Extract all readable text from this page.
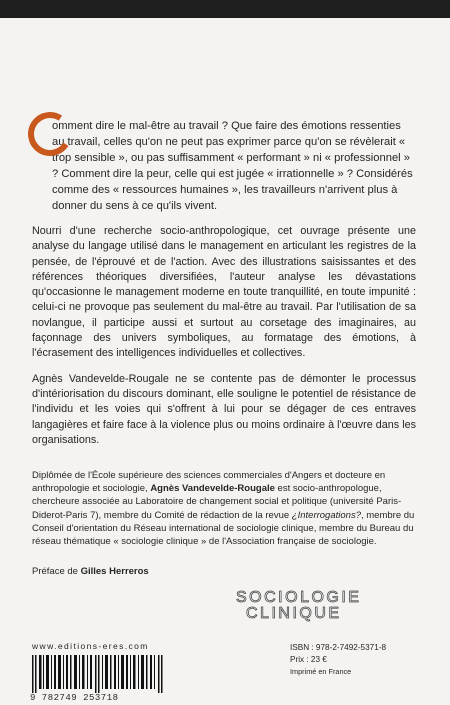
omment dire le mal-être au travail ? Que faire des émotions ressenties au travail, celles qu'on ne peut pas exprimer parce qu'on se révèlerait « trop sensible », ou pas suffisamment « performant » ni « professionnel » ? Comment dire la peur, celle qui est jugée « irrationnelle » ? Considérés comme des « ressources humaines », les travailleurs n'arrivent plus à donner du sens à ce qu'ils vivent.

Nourri d'une recherche socio-anthropologique, cet ouvrage présente une analyse du langage utilisé dans le management en articulant les registres de la pensée, de l'éprouvé et de l'action. Avec des illustrations saisissantes et des références théoriques diversifiées, l'auteur analyse les dévastations qu'occasionne le management moderne en toute tranquillité, en toute impunité : celui-ci ne provoque pas seulement du mal-être au travail. Par l'utilisation de sa novlangue, il participe aussi et surtout au corsetage des imaginaires, au façonnage des univers symboliques, au formatage des émotions, à l'écrasement des intelligences individuelles et collectives.

Agnès Vandevelde-Rougale ne se contente pas de démonter le processus d'intériorisation du discours dominant, elle souligne le potentiel de résistance de l'individu et les voies qui s'offrent à lui pour se dégager de ces entraves langagières et faire face à la violence plus ou moins ordinaire à l'œuvre dans les organisations.

Diplômée de l'École supérieure des sciences commerciales d'Angers et docteure en anthropologie et sociologie, Agnès Vandevelde-Rougale est socio-anthropologue, chercheure associée au Laboratoire de changement social et politique (université Paris-Diderot-Paris 7), membre du Comité de rédaction de la revue ¿Interrogations?, membre du Conseil d'orientation du Réseau international de sociologie clinique, membre du Bureau du réseau thématique « sociologie clinique » de l'Association française de sociologie.

Préface de Gilles Herreros

SOCIOLOGIE
CLINIQUE
www.editions-eres.com
9 782749 253718
ISBN : 978-2-7492-5371-8
Prix : 23 €
Imprimé en France
